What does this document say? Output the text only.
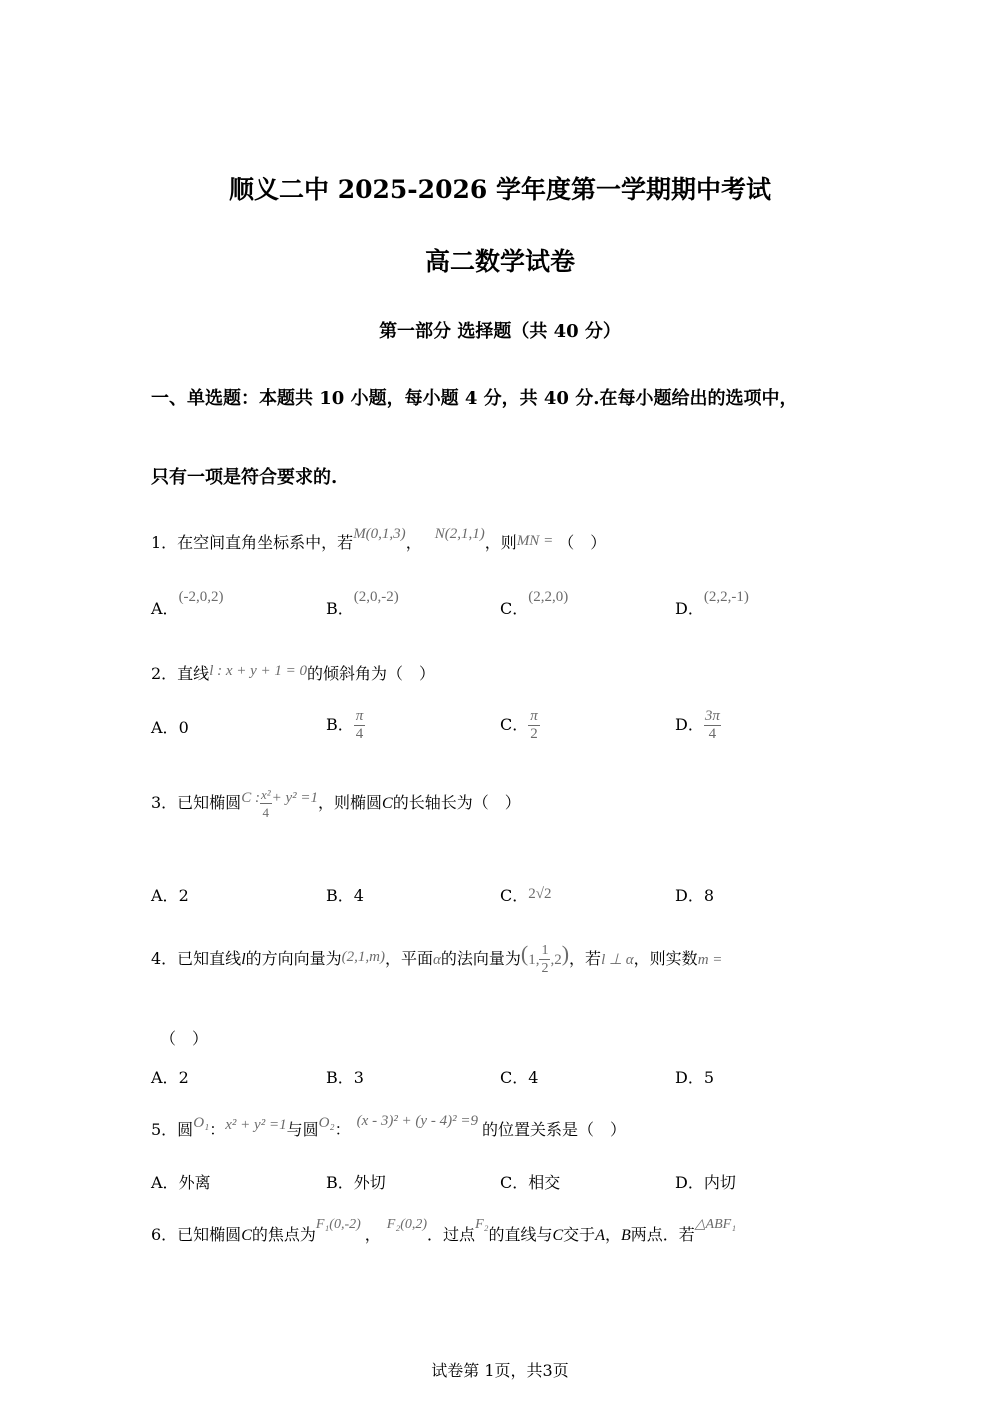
顺义二中 2025-2026 学年度第一学期期中考试
高二数学试卷
第一部分 选择题（共 40 分）
一、单选题：本题共 10 小题，每小题 4 分，共 40 分.在每小题给出的选项中，
只有一项是符合要求的.
1．在空间直角坐标系中，若M(0,1,3)， N(2,1,1)，则MN = （　）
A．(-2,0,2)
B．(2,0,-2)
C．(2,2,0)
D．(2,2,-1)
2．直线l : x + y + 1 = 0的倾斜角为（　）
A．0	B． $\frac{\pi}{4}$	C． $\frac{\pi}{2}$	D． $\frac{3\pi}{4}$
3．已知椭圆C : $\frac{\text{x²}}{4} + y^2 =1$，则椭圆C的长轴长为（　）
A．2	B．4	C．2√2	D．8
4．已知直线l的方向向量为(2,1,m)，平面α的法向量为(1, $\frac{1}{2} ,2$)，若l ⊥ α，则实数m =
（　）
A．2	B．3	C．4	D．5
5．圆O₁：x² + y² =1与圆O₂： (x - 3)² + (y - 4)² =9 的位置关系是（　）
A．外离	B．外切	C．相交	D．内切
6．已知椭圆C的焦点为F₁(0,-2)，F₂(0,2)．过点F₂的直线与C交于A，B两点．若△ABF₁
试卷第 1页，共3页
